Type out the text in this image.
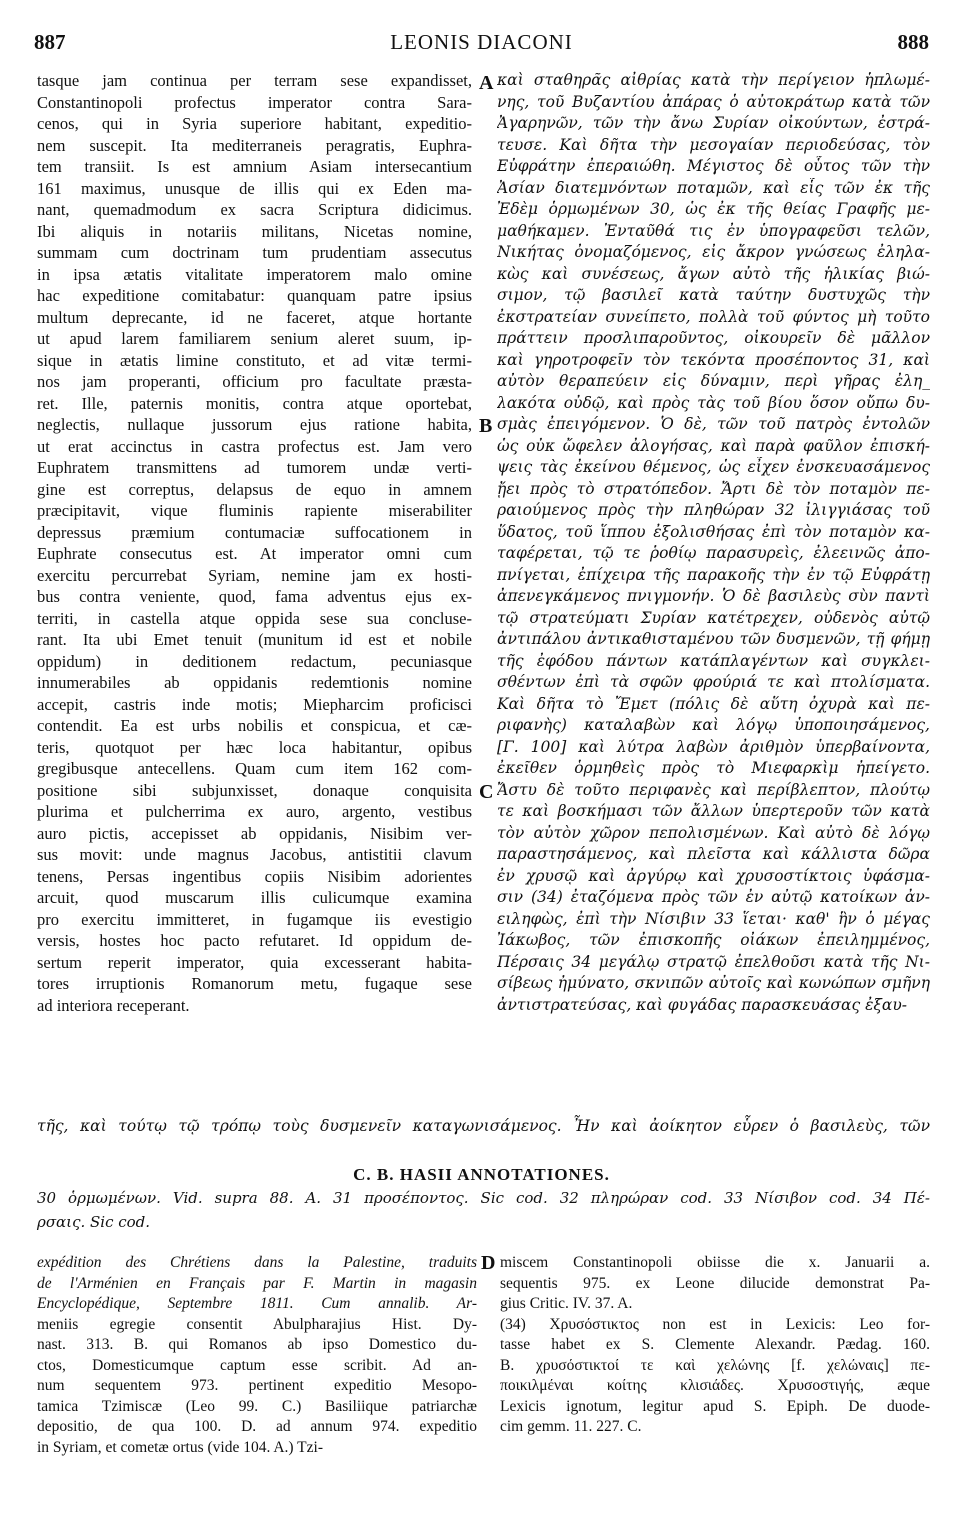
887	LEONIS DIACONI	888
tasque jam continua per terram sese expandisset,
Constantinopoli profectus imperator contra Sara-
cenos, qui in Syria superiore habitant, expeditio-
nem suscepit. Ita mediterraneis peragratis, Euphra-
tem transiit. Is est amnium Asiam intersecantium
161 maximus, unusque de illis qui ex Eden ma-
nant, quemadmodum ex sacra Scriptura didicimus.
Ibi aliquis in notariis militans, Nicetas nomine,
summam cum doctrinam tum prudentiam assecutus
in ipsa ætatis vitalitate imperatorem malo omine
hac expeditione comitabatur: quanquam patre ipsius
multum deprecante, id ne faceret, atque hortante
ut apud larem familiarem senium aleret suum, ip-
sique in ætatis limine constituto, et ad vitæ termi-
nos jam properanti, officium pro facultate præsta-
ret. Ille, paternis monitis, contra atque oportebat,
neglectis, nullaque jussorum ejus ratione habita,
ut erat accinctus in castra profectus est. Jam vero
Euphratem transmittens ad tumorem undæ verti-
gine est correptus, delapsus de equo in amnem
præcipitavit, vique fluminis rapiente miserabiliter
depressus præmium contumaciæ suffocationem in
Euphrate consecutus est. At imperator omni cum
exercitu percurrebat Syriam, nemine jam ex hosti-
bus contra veniente, quod, fama adventus ejus ex-
territi, in castella atque oppida sese sua concluse-
rant. Ita ubi Emet tenuit (munitum id est et nobile
oppidum) in deditionem redactum, pecuniasque
innumerabiles ab oppidanis redemtionis nomine
accepit, castris inde motis; Miepharcim proficisci
contendit. Ea est urbs nobilis et conspicua, et cæ-
teris, quotquot per hæc loca habitantur, opibus
gregibusque antecellens. Quam cum item 162 com-
positione sibi subjunxisset, donaque conquisita
plurima et pulcherrima ex auro, argento, vestibus
auro pictis, accepisset ab oppidanis, Nisibim ver-
sus movit: unde magnus Jacobus, antistitii clavum
tenens, Persas ingentibus copiis Nisibim adorientes
arcuit, quod muscarum illis culicumque examina
pro exercitu immitteret, in fugamque iis evestigio
versis, hostes hoc pacto refutaret. Id oppidum de-
sertum reperit imperator, quia excesserant habita-
tores irruptionis Romanorum metu, fugaque sese
ad interiora receperant.
A
B
C
D
καὶ σταθηρᾶς αἰθρίας κατὰ τὴν περίγειον ἡπλωμέ-
νης, τοῦ Βυζαντίου ἀπάρας ὁ αὐτοκράτωρ κατὰ τῶν
Ἀγαρηνῶν, τῶν τὴν ἄνω Συρίαν οἰκούντων, ἐστρά-
τευσε. Καὶ δῆτα τὴν μεσογαίαν περιοδεύσας, τὸν
Εὐφράτην ἐπεραιώθη. Μέγιστος δὲ οὗτος τῶν τὴν
Ἀσίαν διατεμνόντων ποταμῶν, καὶ εἷς τῶν ἐκ τῆς
Ἐδὲμ ὁρμωμένων 30, ὡς ἐκ τῆς θείας Γραφῆς με-
μαθήκαμεν. Ἐνταῦθά τις ἐν ὑπογραφεῦσι τελῶν,
Νικήτας ὀνομαζόμενος, εἰς ἄκρον γνώσεως ἐληλα-
κὼς καὶ συνέσεως, ἄγων αὐτὸ τῆς ἡλικίας βιώ-
σιμον, τῷ βασιλεῖ κατὰ ταύτην δυστυχῶς τὴν
ἐκστρατείαν συνείπετο, πολλὰ τοῦ φύντος μὴ τοῦτο
πράττειν προσλιπαροῦντος, οἰκουρεῖν δὲ μᾶλλον
καὶ γηροτροφεῖν τὸν τεκόντα προσέποντος 31, καὶ
αὐτὸν θεραπεύειν εἰς δύναμιν, περὶ γῆρας ἐλη_
λακότα οὐδῷ, καὶ πρὸς τὰς τοῦ βίου ὅσον οὔπω δυ-
σμὰς ἐπειγόμενον. Ὁ δὲ, τῶν τοῦ πατρὸς ἐντολῶν
ὡς οὐκ ὤφελεν ἀλογήσας, καὶ παρὰ φαῦλον ἐπισκή-
ψεις τὰς ἐκείνου θέμενος, ὡς εἶχεν ἐνσκευασάμενος
ᾔει πρὸς τὸ στρατόπεδον. Ἄρτι δὲ τὸν ποταμὸν πε-
ραιούμενος πρὸς τὴν πληθώραν 32 ἰλιγγιάσας τοῦ
ὕδατος, τοῦ ἵππου ἐξολισθήσας ἐπὶ τὸν ποταμὸν κα-
ταφέρεται, τῷ τε ῥοθίῳ παρασυρεὶς, ἐλεεινῶς ἀπο-
πνίγεται, ἐπίχειρα τῆς παρακοῆς τὴν ἐν τῷ Εὐφράτῃ
ἀπενεγκάμενος πνιγμονήν. Ὁ δὲ βασιλεὺς σὺν παντὶ
τῷ στρατεύματι Συρίαν κατέτρεχεν, οὐδενὸς αὐτῷ
ἀντιπάλου ἀντικαθισταμένου τῶν δυσμενῶν, τῇ φήμῃ
τῆς ἐφόδου πάντων κατάπλαγέντων καὶ συγκλει-
σθέντων ἐπὶ τὰ σφῶν φρούριά τε καὶ πτολίσματα.
Καὶ δῆτα τὸ Ἔμετ (πόλις δὲ αὕτη ὀχυρὰ καὶ πε-
ριφανὴς) καταλαβὼν καὶ λόγῳ ὑποποιησάμενος,
[Γ. 100] καὶ λύτρα λαβὼν ἀριθμὸν ὑπερβαίνοντα,
ἐκεῖθεν ὁρμηθεὶς πρὸς τὸ Μιεφαρκὶμ ἠπείγετο.
Ἄστυ δὲ τοῦτο περιφανὲς καὶ περίβλεπτον, πλούτῳ
τε καὶ βοσκήμασι τῶν ἄλλων ὑπερτεροῦν τῶν κατὰ
τὸν αὐτὸν χῶρον πεπολισμένων. Καὶ αὐτὸ δὲ λόγῳ
παραστησάμενος, καὶ πλεῖστα καὶ κάλλιστα δῶρα
ἐν χρυσῷ καὶ ἀργύρῳ καὶ χρυσοστίκτοις ὑφάσμα-
σιν (34) ἐταζόμενα πρὸς τῶν ἐν αὐτῷ κατοίκων ἀν-
ειληφὼς, ἐπὶ τὴν Νίσιβιν 33 ἵεται· καθ' ἣν ὁ μέγας
Ἰάκωβος, τῶν ἐπισκοπῆς οἰάκων ἐπειλημμένος,
Πέρσαις 34 μεγάλῳ στρατῷ ἐπελθοῦσι κατὰ τῆς Νι-
σίβεως ἠμύνατο, σκνιπῶν αὐτοῖς καὶ κωνώπων σμῆνη
ἀντιστρατεύσας, καὶ φυγάδας παρασκευάσας ἐξαυ-
τῆς, καὶ τούτῳ τῷ τρόπῳ τοὺς δυσμενεῖν καταγωνισάμενος. Ἦν καὶ ἀοίκητον εὗρεν ὁ βασιλεὺς, τῶν
C. B. HASII ANNOTATIONES.
30 ὁρμωμένων. Vid. supra 88. A. 31 προσέποντος. Sic cod. 32 πληρώραν cod. 33 Νίσιβον cod. 34 Πέ-
ρσαις. Sic cod.
expédition des Chrétiens dans la Palestine, traduits
de l'Arménien en Français par F. Martin in magasin
Encyclopédique, Septembre 1811. Cum annalib. Ar-
meniis egregie consentit Abulpharajius Hist. Dy-
nast. 313. B. qui Romanos ab ipso Domestico du-
ctos, Domesticumque captum esse scribit. Ad an-
num sequentem 973. pertinent expeditio Mesopo-
tamica Tzimiscæ (Leo 99. C.) Basiliique patriarchæ
depositio, de qua 100. D. ad annum 974. expeditio
in Syriam, et cometæ ortus (vide 104. A.) Tzi-
miscem Constantinopoli obiisse die x. Januarii a.
sequentis 975. ex Leone dilucide demonstrat Pa-
gius Critic. IV. 37. A.
(34) Χρυσόστικτος non est in Lexicis: Leo for-
tasse habet ex S. Clemente Alexandr. Pædag. 160.
B. χρυσόστικτοί τε καὶ χελώνης [f. χελώναις] πε-
ποικιλμέναι κοίτης κλισιάδες. Χρυσοστιγής, æque
Lexicis ignotum, legitur apud S. Epiph. De duode-
cim gemm. 11. 227. C.
